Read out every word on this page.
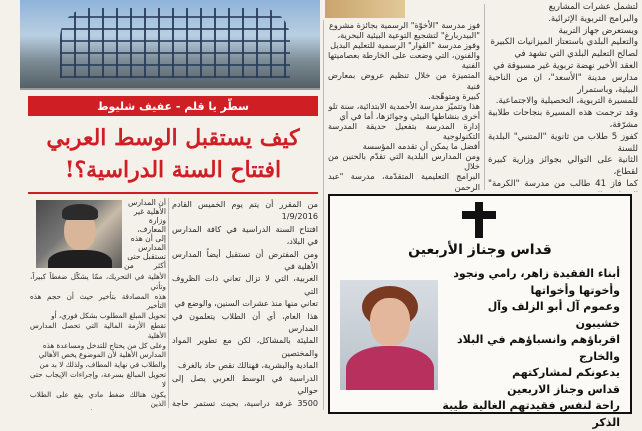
لتشمل عشرات المشاريع

والبرامج التربوية الإثرائية.

ويستعرض جهاز التربية

والتعليم البلدي باستعتاز الميزانيات الكبيرة

لصالح التعليم البلدي التي تشهد في

العقد الأخير نهضة تربوية غير مسبوقة في

مدارس مدينة "الأسعد"، ان من الناحية البيئية، وباستمرار

للمسيرة التربوية، التحصيلية والاجتماعية.

وقد ترجمت هذه المسيرة بنجاحات طلابية مشرّفة،

كفوز 5 طلاب من ثانوية "المتنبي" البلدية للسنة

الثانية على التوالي بجوائز وزارية كبيرة لقطاع،

كما فاز 41 طالب من مدرسة "الكرمة"

فوز مدرسة "الأخوّة" الرسمية بجائزة مشروع

"البيدربارغ" لتشجيع التوعية البيئية البحرية،

وفوز مدرسة "القوار" الرسمية للتعليم البديل

والفنون، التي وضعت على الخارطة بعصاميتها الفنية

المتميزة من خلال تنظيم عروض بمعارض فنية

كبيرة ومتوهّجة.

هذا وتتميّز مدرسة الأحمدية الابتدائية، سنة تلو

أخرى بنشاطها البيئي وجوائزها، أما في أي

إدارة المدرسة بتفعيل حديقة المدرسة التكنولوجية

أفضل ما يمكن أن تقدمه المؤسسة

ومن المدارس البلدية التي تقدّم بالحنين من خلال

البرامج التعليمية المتقدّمة، مدرسة "عبد الرحمن

سطّر يا قلم - عفيف شليوط
كيف يستقبل الوسط العربي
افتتاح السنة الدراسية؟!

من المقرر أن يتم يوم الخميس القادم 1/9/2016

افتتاح السنة الدراسية في كافة المدارس في البلاد،

ومن المفترض أن تستقبل أيضاً المدارس الأهلية في

العربية، التي لا تزال تعاني ذات الظروف التي

تعاني منها منذ عشرات السنين، والوضع في

هذا العام، أي أن الطلاب يتعلمون في المدارس

المليئة بالمشاكل، لكن مع تطوير المواد والمختصين

المادية والبشرية، فهنالك نقص حاد بالغرف

الدراسية في الوسط العربي يصل إلى حوالي

3500 غرفة دراسية، بحيث تستمر حاجة

أن المدارس

الأهلية غير

وزارة المعارف،

إلى أن هذه

المدارس

تستقبل حتى

أكثر من

الأهلية في التحريك، ممّا يشكّل ضغطاً كبيراً، وتأتي

هذه المصادقة بتأخير حيث أن حجم هذه التأخير

تحويل المبلغ المطلوب بشكل فوري، أو

تقطع الأزمة المالية التي تحصل المدارس الأهلية

وعلى كل من يحتاج للتدخل ومساعدة هذه

المدارس الأهلية لأن الموضوع يخص الأهالي

والطلاب في نهاية المطاف، ولذلك لا بد من

تحويل المبالغ بسرعة، وإجراءات الإيجاب حتى لا

يكون هنالك ضغط مادي يقع على الطلاب الذين

قداس وجناز الأربعين
أبناء الفقيدة زاهر، رامي ونجود
وأخوتها وأخواتها
وعموم آل أبو الزلف وآل خشيبون
اقرباؤهم وانسباؤهم في البلاد والخارج
يدعونكم لمشاركتهم
قداس وجناز الاربعين
راحة لنفس فقيدتهم الغالية طيبة الذكر
